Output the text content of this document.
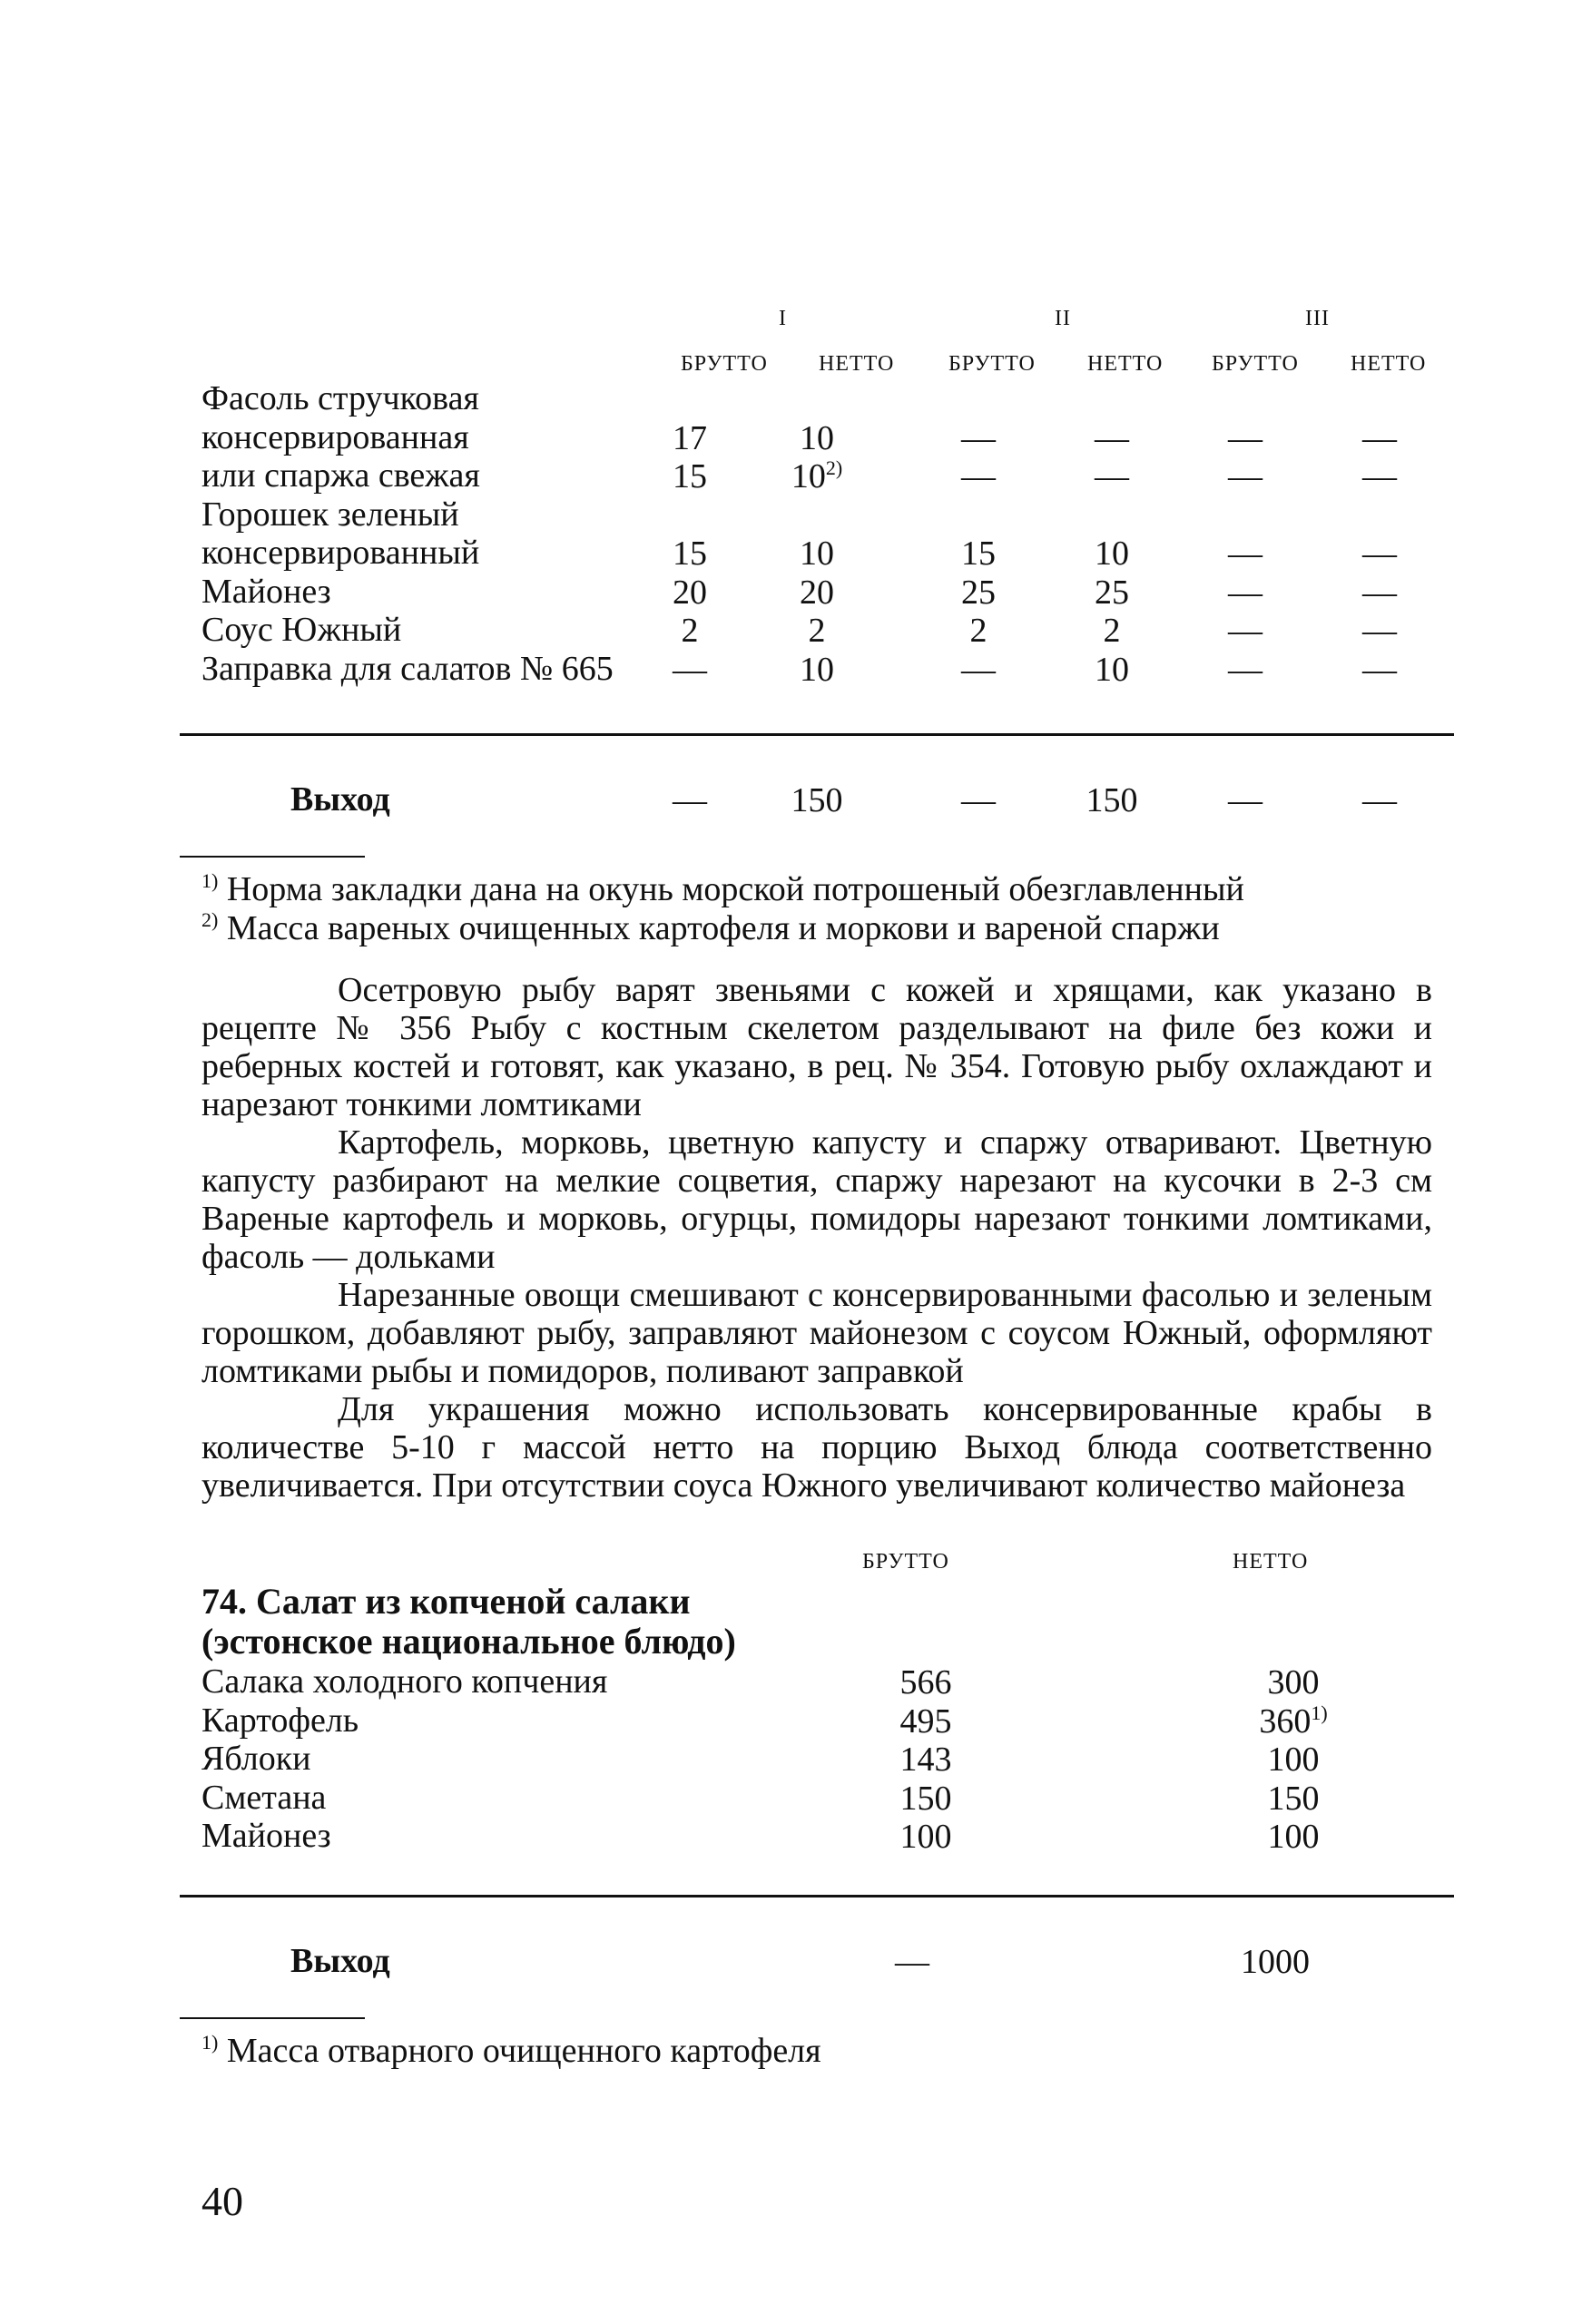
I	II	III
БРУТТО НЕТТО БРУТТО НЕТТО БРУТТО НЕТТО
Фасоль стручковая
консервированная	17	10	—	—	—	—
или спаржа свежая	15	10$^{2)}$	—	—	—	—
Горошек зеленый
консервированный	15	10	15	10	—	—
Майонез	20	20	25	25	—	—
Соус Южный	2	2	2	2	—	—
Заправка для салатов № 665	—	10	—	10	—	—
Выход	—	150	—	150	—	—
$^{1)}$ Норма закладки дана на окунь морской потрошеный обезглавленный
$^{2)}$ Масса вареных очищенных картофеля и моркови и вареной спаржи

Осетровую рыбу варят звеньями с кожей и хрящами, как указано в рецепте № 356 Рыбу с костным скелетом разделывают на филе без кожи и реберных костей и готовят, как указано, в рец. № 354. Готовую рыбу охлаждают и нарезают тонкими ломтиками

Картофель, морковь, цветную капусту и спаржу отваривают. Цветную капусту разбирают на мелкие соцветия, спаржу нарезают на кусочки в 2-3 см Вареные картофель и морковь, огурцы, помидоры нарезают тонкими ломтиками, фасоль — дольками

Нарезанные овощи смешивают с консервированными фасолью и зеленым горошком, добавляют рыбу, заправляют майонезом с соусом Южный, оформляют ломтиками рыбы и помидоров, поливают заправкой

Для украшения можно использовать консервированные крабы в количестве 5-10 г массой нетто на порцию Выход блюда соответственно увеличивается. При отсутствии соуса Южного увеличивают количество майонеза

БРУТТО	НЕТТО
74. Салат из копченой салаки
(эстонское национальное блюдо)
Салака холодного копчения	566	300
Картофель	495	360$^{1)}$
Яблоки	143	100
Сметана	150	150
Майонез	100	100
Выход	—	1000
$^{1)}$ Масса отварного очищенного картофеля
40
